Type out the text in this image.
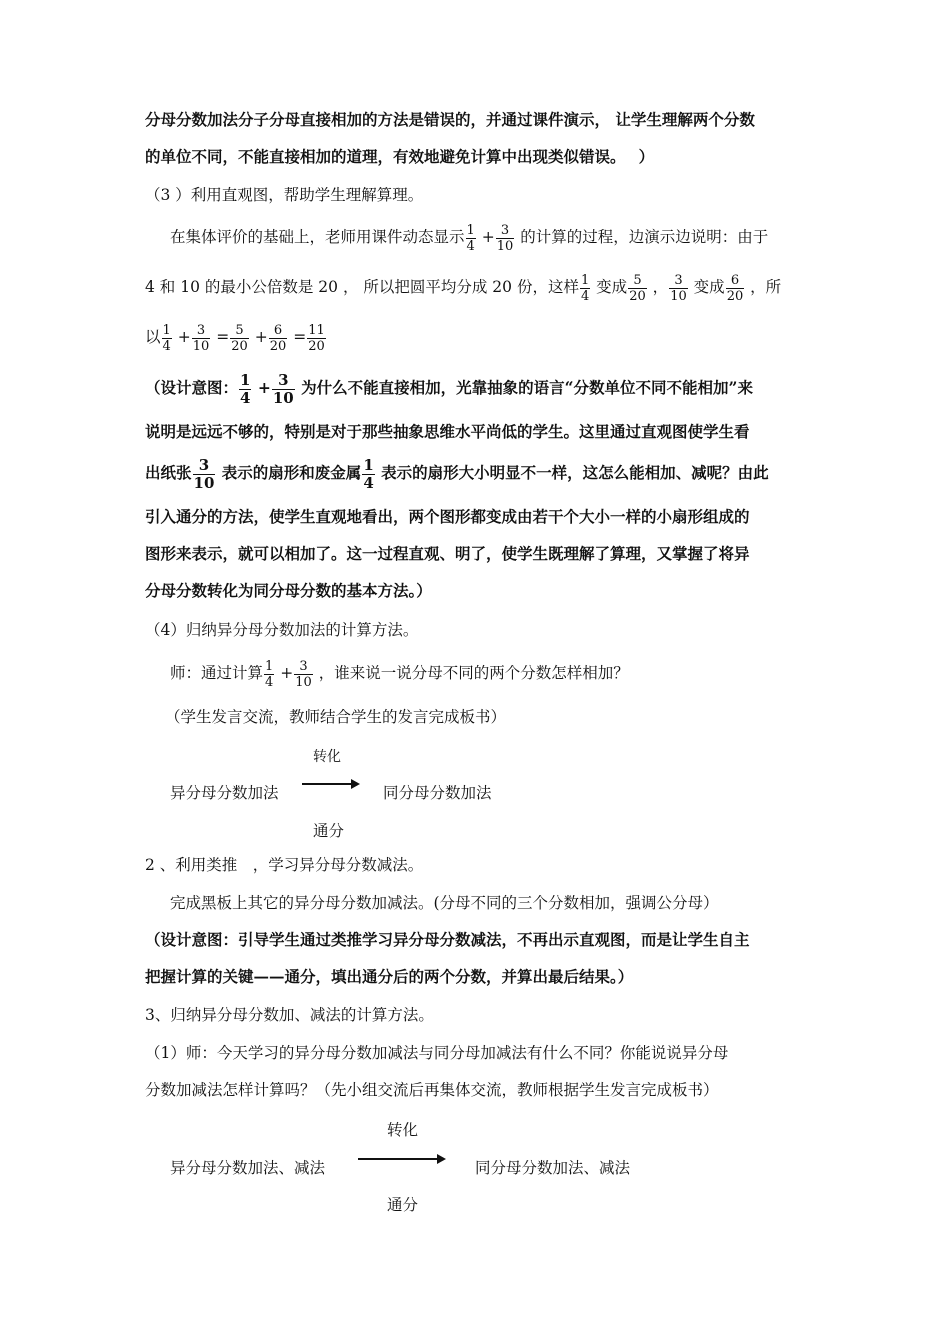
分母分数加法分子分母直接相加的方法是错误的，并通过课件演示， 让学生理解两个分数
的单位不同，不能直接相加的道理，有效地避免计算中出现类似错误。　 ）
（3 ）利用直观图，帮助学生理解算理。
在集体评价的基础上，老师用课件动态显示 $\frac{1}{4} + \frac{3}{10}$ 的计算的过程，边演示边说明：由于
4 和 10 的最小公倍数是 20 ， 所以把圆平均分成 20 份，这样 $\frac{1}{4}$ 变成 $\frac{5}{20}$ ， $\frac{3}{10}$ 变成 $\frac{6}{20}$ ，所
以 $\frac{1}{4} + \frac{3}{10} = \frac{5}{20} + \frac{6}{20} = \frac{11}{20}$
（设计意图： $\frac{1}{4} + \frac{3}{10}$ 为什么不能直接相加，光靠抽象的语言“分数单位不同不能相加”来
说明是远远不够的，特别是对于那些抽象思维水平尚低的学生。这里通过直观图使学生看
出纸张 $\frac{3}{10}$ 表示的扇形和废金属 $\frac{1}{4}$ 表示的扇形大小明显不一样，这怎么能相加、减呢？由此
引入通分的方法，使学生直观地看出，两个图形都变成由若干个大小一样的小扇形组成的
图形来表示，就可以相加了。这一过程直观、明了，使学生既理解了算理，又掌握了将异
分母分数转化为同分母分数的基本方法。）
（4）归纳异分母分数加法的计算方法。
师：通过计算 $\frac{1}{4} + \frac{3}{10}$ ，谁来说一说分母不同的两个分数怎样相加？
（学生发言交流，教师结合学生的发言完成板书）
转化
异分母分数加法	同分母分数加法
通分
2 、利用类推　，学习异分母分数减法。
完成黑板上其它的异分母分数加减法。(分母不同的三个分数相加，强调公分母）
（设计意图：引导学生通过类推学习异分母分数减法，不再出示直观图，而是让学生自主
把握计算的关键——通分，填出通分后的两个分数，并算出最后结果。）
3、归纳异分母分数加、减法的计算方法。
（1）师：今天学习的异分母分数加减法与同分母加减法有什么不同？你能说说异分母
分数加减法怎样计算吗？（先小组交流后再集体交流，教师根据学生发言完成板书）
转化
异分母分数加法、减法	同分母分数加法、减法
通分
